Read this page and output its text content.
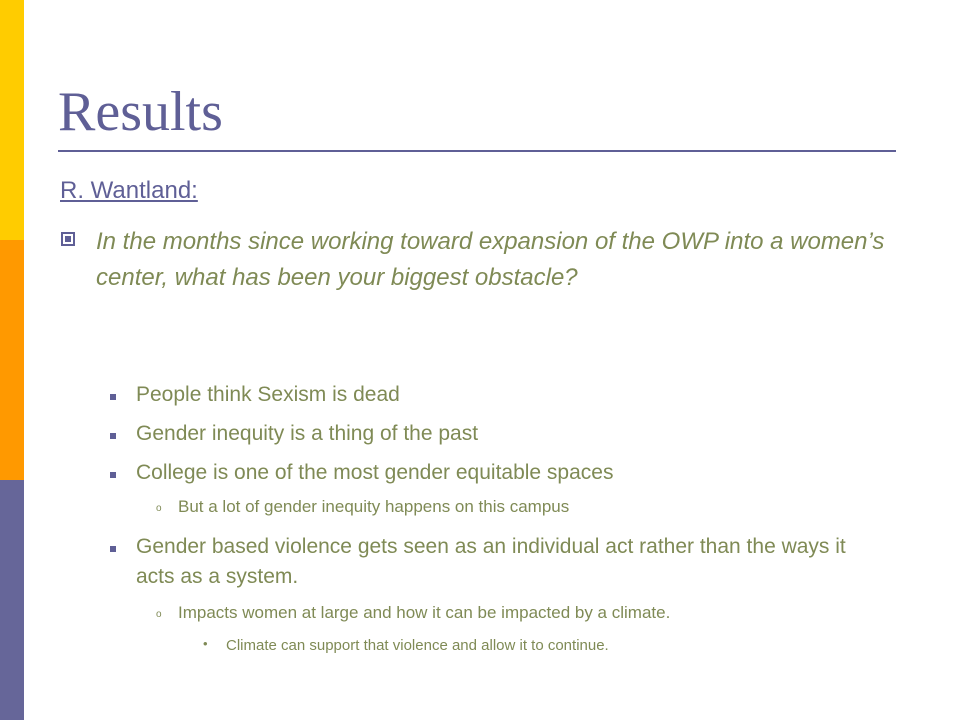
Results
R. Wantland:
In the months since working toward expansion of the OWP into a women’s center, what has been your biggest obstacle?
People think Sexism is dead
Gender inequity is a thing of the past
College is one of the most gender equitable spaces
o But a lot of gender inequity happens on this campus
Gender based violence gets seen as an individual act rather than the ways it acts as a system.
o Impacts women at large and how it can be impacted by a climate.
• Climate can support that violence and allow it to continue.
